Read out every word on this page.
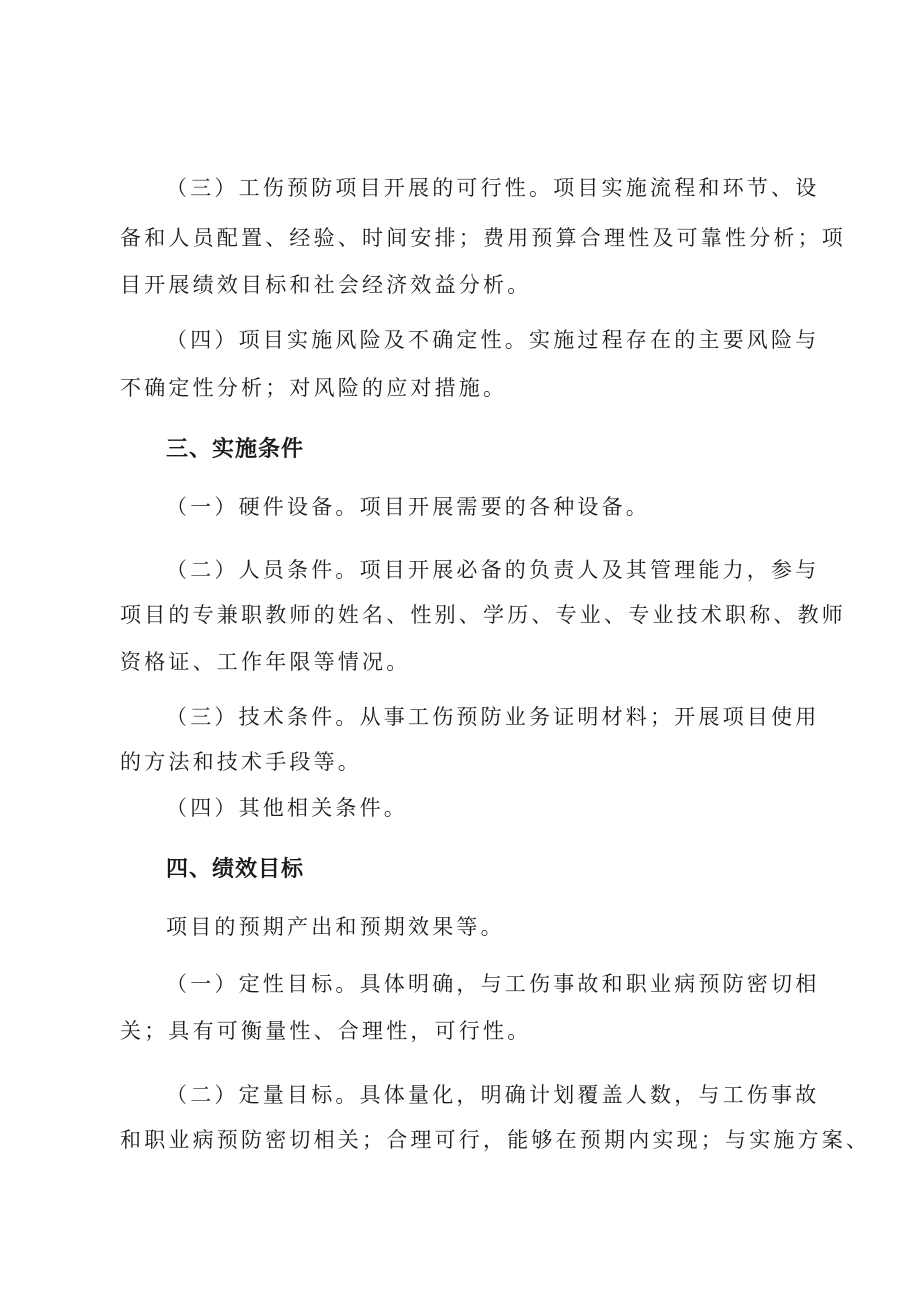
（三）工伤预防项目开展的可行性。项目实施流程和环节、设
备和人员配置、经验、时间安排；费用预算合理性及可靠性分析；项
目开展绩效目标和社会经济效益分析。
（四）项目实施风险及不确定性。实施过程存在的主要风险与
不确定性分析；对风险的应对措施。
三、实施条件
（一）硬件设备。项目开展需要的各种设备。
（二）人员条件。项目开展必备的负责人及其管理能力，参与
项目的专兼职教师的姓名、性别、学历、专业、专业技术职称、教师
资格证、工作年限等情况。
（三）技术条件。从事工伤预防业务证明材料；开展项目使用
的方法和技术手段等。
（四）其他相关条件。
四、绩效目标
项目的预期产出和预期效果等。
（一）定性目标。具体明确，与工伤事故和职业病预防密切相
关；具有可衡量性、合理性，可行性。
（二）定量目标。具体量化，明确计划覆盖人数，与工伤事故
和职业病预防密切相关；合理可行，能够在预期内实现；与实施方案、
